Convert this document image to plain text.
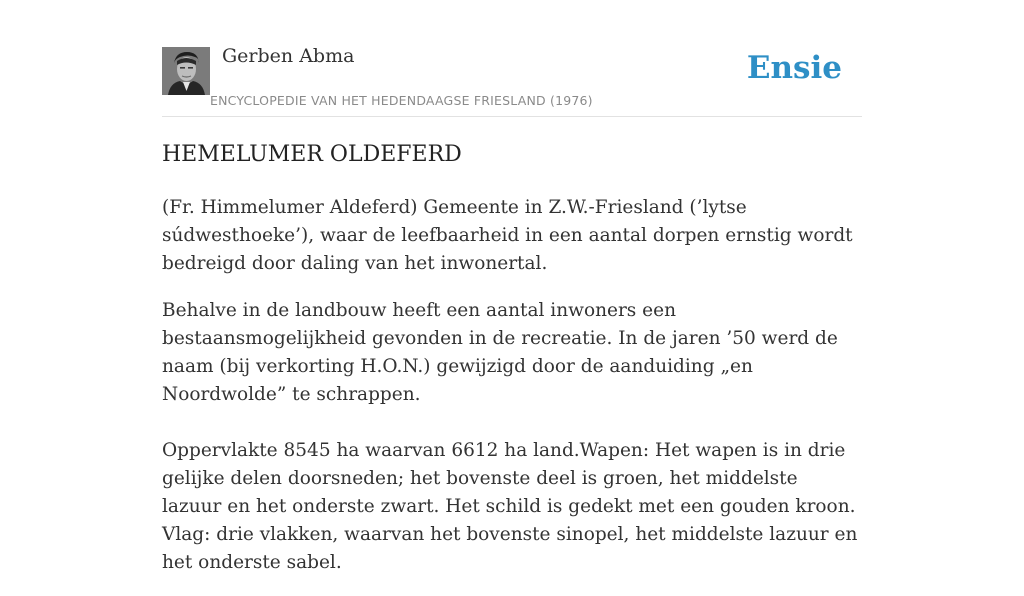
Gerben Abma
ENCYCLOPEDIE VAN HET HEDENDAAGSE FRIESLAND (1976)
Ensie
HEMELUMER OLDEFERD

(Fr. Himmelumer Aldeferd) Gemeente in Z.W.-Friesland (’lytse súdwesthoeke’), waar de leefbaarheid in een aantal dorpen ernstig wordt bedreigd door daling van het inwonertal.

Behalve in de landbouw heeft een aantal inwoners een bestaansmogelijkheid gevonden in de recreatie. In de jaren ’50 werd de naam (bij verkorting H.O.N.) gewijzigd door de aanduiding „en Noordwolde” te schrappen.

Oppervlakte 8545 ha waarvan 6612 ha land.Wapen: Het wapen is in drie gelijke delen doorsneden; het bovenste deel is groen, het middelste lazuur en het onderste zwart. Het schild is gedekt met een gouden kroon. Vlag: drie vlakken, waarvan het bovenste sinopel, het middelste lazuur en het onderste sabel.
